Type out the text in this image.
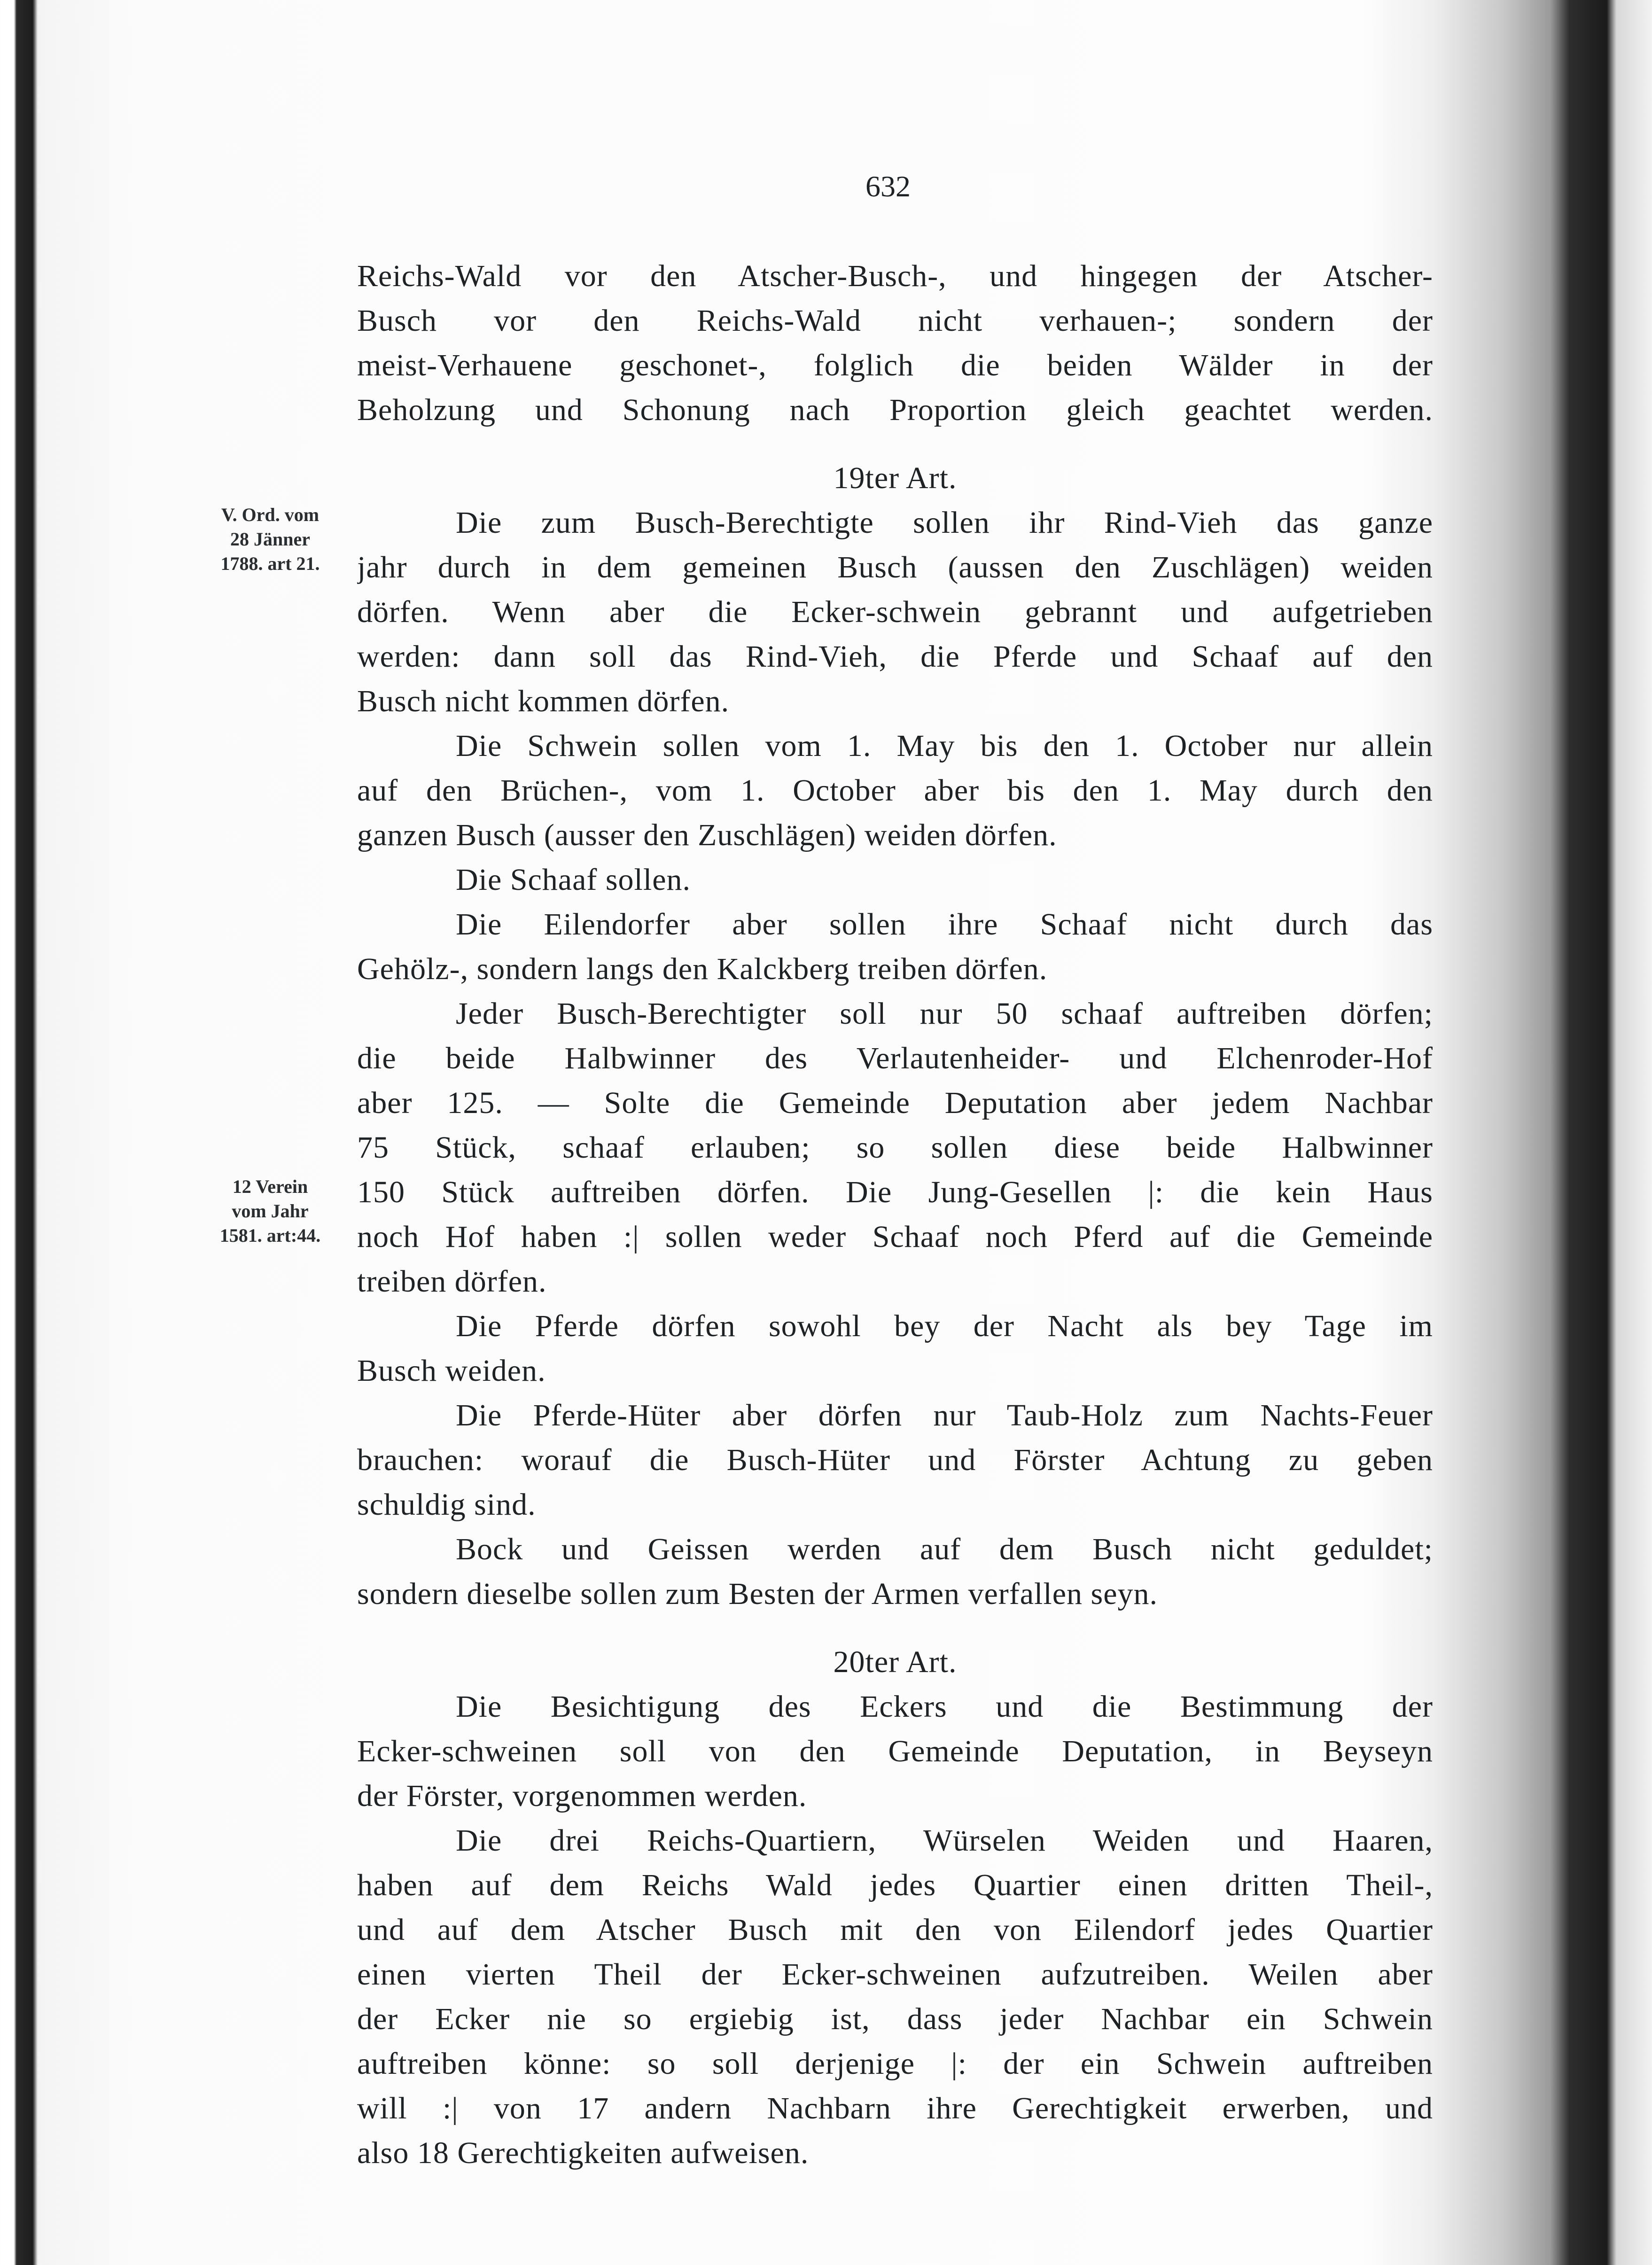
632
V. Ord. vom
28 Jänner
1788. art 21.
12 Verein
vom Jahr
1581. art:44.
Reichs-Wald vor den Atscher-Busch-, und hingegen der Atscher-
Busch vor den Reichs-Wald nicht verhauen-; sondern der
meist-Verhauene geschonet-, folglich die beiden Wälder in der
Beholzung und Schonung nach Proportion gleich geachtet werden.
19ter Art.
Die zum Busch-Berechtigte sollen ihr Rind-Vieh das ganze
jahr durch in dem gemeinen Busch (aussen den Zuschlägen) weiden
dörfen. Wenn aber die Ecker-schwein gebrannt und aufgetrieben
werden: dann soll das Rind-Vieh, die Pferde und Schaaf auf den
Busch nicht kommen dörfen.
Die Schwein sollen vom 1. May bis den 1. October nur allein
auf den Brüchen-, vom 1. October aber bis den 1. May durch den
ganzen Busch (ausser den Zuschlägen) weiden dörfen.
Die Schaaf sollen.
Die Eilendorfer aber sollen ihre Schaaf nicht durch das
Gehölz-, sondern langs den Kalckberg treiben dörfen.
Jeder Busch-Berechtigter soll nur 50 schaaf auftreiben dörfen;
die beide Halbwinner des Verlautenheider- und Elchenroder-Hof
aber 125. — Solte die Gemeinde Deputation aber jedem Nachbar
75 Stück, schaaf erlauben; so sollen diese beide Halbwinner
150 Stück auftreiben dörfen. Die Jung-Gesellen |: die kein Haus
noch Hof haben :| sollen weder Schaaf noch Pferd auf die Gemeinde
treiben dörfen.
Die Pferde dörfen sowohl bey der Nacht als bey Tage im
Busch weiden.
Die Pferde-Hüter aber dörfen nur Taub-Holz zum Nachts-Feuer
brauchen: worauf die Busch-Hüter und Förster Achtung zu geben
schuldig sind.
Bock und Geissen werden auf dem Busch nicht geduldet;
sondern dieselbe sollen zum Besten der Armen verfallen seyn.
20ter Art.
Die Besichtigung des Eckers und die Bestimmung der
Ecker-schweinen soll von den Gemeinde Deputation, in Beyseyn
der Förster, vorgenommen werden.
Die drei Reichs-Quartiern, Würselen Weiden und Haaren,
haben auf dem Reichs Wald jedes Quartier einen dritten Theil-,
und auf dem Atscher Busch mit den von Eilendorf jedes Quartier
einen vierten Theil der Ecker-schweinen aufzutreiben. Weilen aber
der Ecker nie so ergiebig ist, dass jeder Nachbar ein Schwein
auftreiben könne: so soll derjenige |: der ein Schwein auftreiben
will :| von 17 andern Nachbarn ihre Gerechtigkeit erwerben, und
also 18 Gerechtigkeiten aufweisen.
